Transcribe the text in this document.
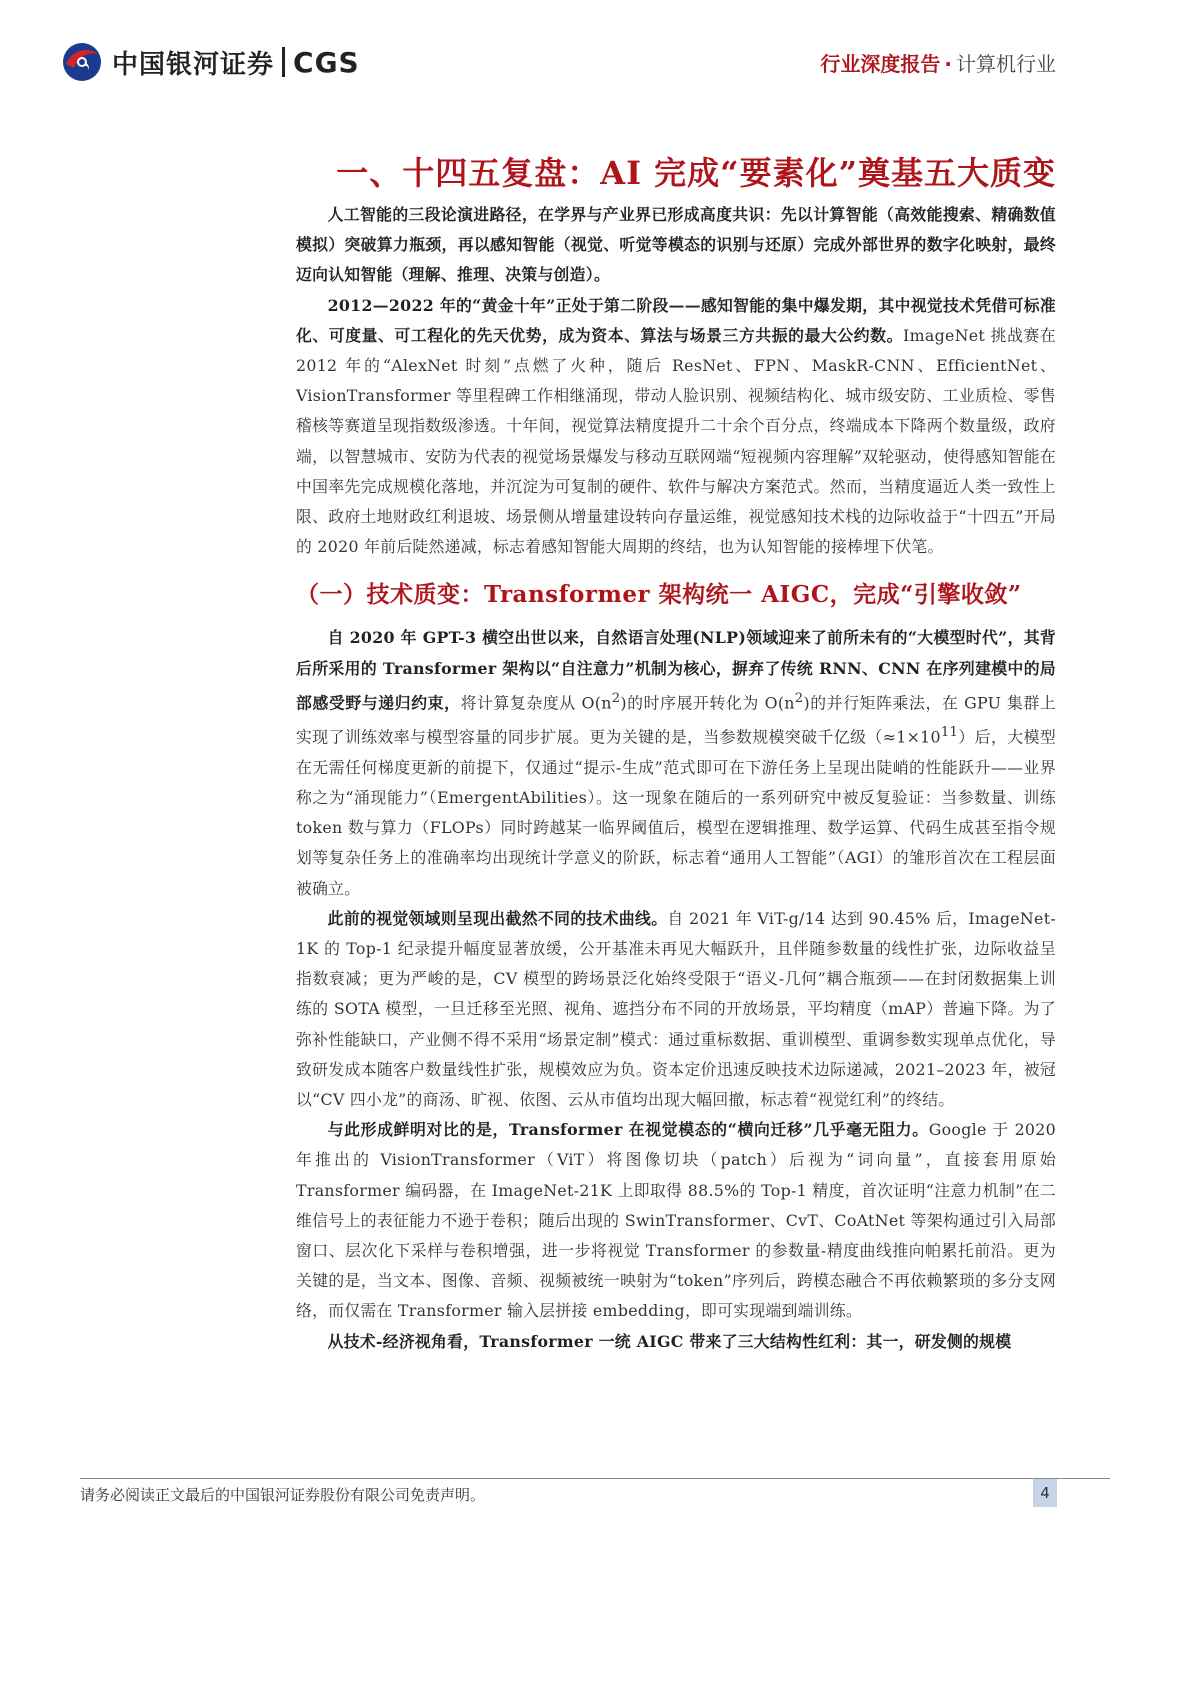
中国银河证券 CGS	行业深度报告 · 计算机行业
一、十四五复盘：AI 完成“要素化”奠基五大质变

人工智能的三段论演进路径，在学界与产业界已形成高度共识：先以计算智能（高效能搜索、精确数值模拟）突破算力瓶颈，再以感知智能（视觉、听觉等模态的识别与还原）完成外部世界的数字化映射，最终迈向认知智能（理解、推理、决策与创造）。

2012—2022 年的“黄金十年”正处于第二阶段——感知智能的集中爆发期，其中视觉技术凭借可标准化、可度量、可工程化的先天优势，成为资本、算法与场景三方共振的最大公约数。ImageNet 挑战赛在 2012 年的“AlexNet 时刻”点燃了火种，随后 ResNet、FPN、MaskR-CNN、EfficientNet、VisionTransformer 等里程碑工作相继涌现，带动人脸识别、视频结构化、城市级安防、工业质检、零售稽核等赛道呈现指数级渗透。十年间，视觉算法精度提升二十余个百分点，终端成本下降两个数量级，政府端，以智慧城市、安防为代表的视觉场景爆发与移动互联网端“短视频内容理解”双轮驱动，使得感知智能在中国率先完成规模化落地，并沉淀为可复制的硬件、软件与解决方案范式。然而，当精度逼近人类一致性上限、政府土地财政红利退坡、场景侧从增量建设转向存量运维，视觉感知技术栈的边际收益于“十四五”开局的 2020 年前后陡然递减，标志着感知智能大周期的终结，也为认知智能的接棒埋下伏笔。

（一）技术质变：Transformer 架构统一 AIGC，完成“引擎收敛”

自 2020 年 GPT-3 横空出世以来，自然语言处理(NLP)领域迎来了前所未有的“大模型时代”，其背后所采用的 Transformer 架构以“自注意力”机制为核心，摒弃了传统 RNN、CNN 在序列建模中的局部感受野与递归约束，将计算复杂度从 $O(n^2)$的时序展开转化为 $O(n^2)$的并行矩阵乘法，在 GPU 集群上实现了训练效率与模型容量的同步扩展。更为关键的是，当参数规模突破千亿级$(\approx 1\times 10^{11})$后，大模型在无需任何梯度更新的前提下，仅通过“提示-生成”范式即可在下游任务上呈现出陡峭的性能跃升——业界称之为“涌现能力”（EmergentAbilities）。这一现象在随后的一系列研究中被反复验证：当参数量、训练 token 数与算力（FLOPs）同时跨越某一临界阈值后，模型在逻辑推理、数学运算、代码生成甚至指令规划等复杂任务上的准确率均出现统计学意义的阶跃，标志着“通用人工智能”（AGI）的雏形首次在工程层面被确立。

此前的视觉领域则呈现出截然不同的技术曲线。自 2021 年 ViT-g/14 达到 90.45% 后，ImageNet-1K 的 Top-1 纪录提升幅度显著放缓，公开基准未再见大幅跃升，且伴随参数量的线性扩张，边际收益呈指数衰减；更为严峻的是，CV 模型的跨场景泛化始终受限于“语义-几何”耦合瓶颈——在封闭数据集上训练的 SOTA 模型，一旦迁移至光照、视角、遮挡分布不同的开放场景，平均精度（mAP）普遍下降。为了弥补性能缺口，产业侧不得不采用“场景定制”模式：通过重标数据、重训模型、重调参数实现单点优化，导致研发成本随客户数量线性扩张，规模效应为负。资本定价迅速反映技术边际递减，2021–2023 年，被冠以“CV 四小龙”的商汤、旷视、依图、云从市值均出现大幅回撤，标志着“视觉红利”的终结。

与此形成鲜明对比的是，Transformer 在视觉模态的“横向迁移”几乎毫无阻力。Google 于 2020 年推出的 VisionTransformer（ViT）将图像切块（patch）后视为“词向量”，直接套用原始 Transformer 编码器，在 ImageNet-21K 上即取得 88.5%的 Top-1 精度，首次证明“注意力机制”在二维信号上的表征能力不逊于卷积；随后出现的 SwinTransformer、CvT、CoAtNet 等架构通过引入局部窗口、层次化下采样与卷积增强，进一步将视觉 Transformer 的参数量-精度曲线推向帕累托前沿。更为关键的是，当文本、图像、音频、视频被统一映射为“token”序列后，跨模态融合不再依赖繁琐的多分支网络，而仅需在 Transformer 输入层拼接 embedding，即可实现端到端训练。

从技术-经济视角看，Transformer 一统 AIGC 带来了三大结构性红利：其一，研发侧的规模

请务必阅读正文最后的中国银河证券股份有限公司免责声明。	4
